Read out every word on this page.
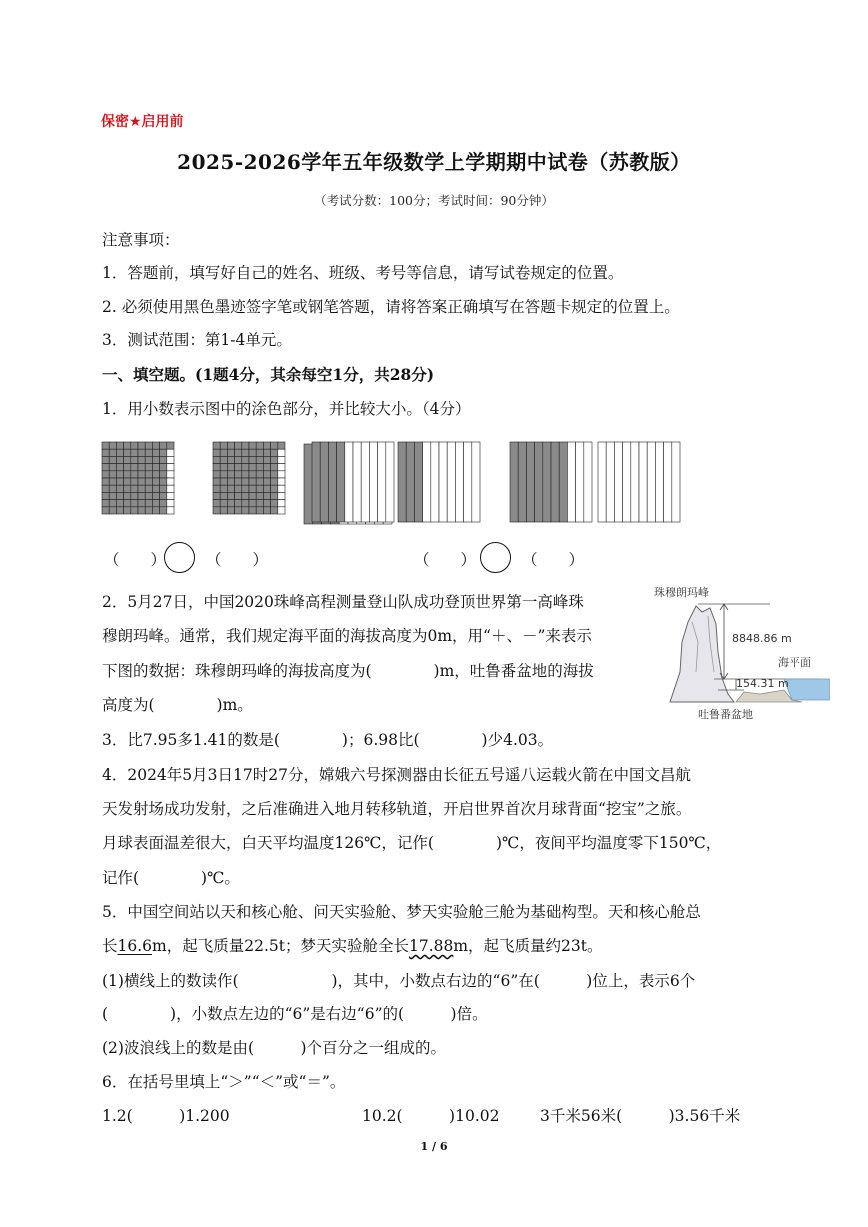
保密★启用前
2025-2026学年五年级数学上学期期中试卷（苏教版）
（考试分数：100分；考试时间：90分钟）
注意事项：
1．答题前，填写好自己的姓名、班级、考号等信息，请写试卷规定的位置。
2. 必须使用黑色墨迹签字笔或钢笔答题，请将答案正确填写在答题卡规定的位置上。
3．测试范围：第1-4单元。
一、填空题。(1题4分，其余每空1分，共28分)
1．用小数表示图中的涂色部分，并比较大小。（4分）
（　　）	（　　）	（　　）	（　　）
2．5月27日，中国2020珠峰高程测量登山队成功登顶世界第一高峰珠
穆朗玛峰。通常，我们规定海平面的海拔高度为0m，用“＋、－”来表示
下图的数据：珠穆朗玛峰的海拔高度为(　　　　)m，吐鲁番盆地的海拔
高度为(　　　　)m。
珠穆朗玛峰
8848.86 m
海平面
154.31 m
吐鲁番盆地
3．比7.95多1.41的数是(　　　　)；6.98比(　　　　)少4.03。
4．2024年5月3日17时27分，嫦娥六号探测器由长征五号遥八运载火箭在中国文昌航
天发射场成功发射，之后准确进入地月转移轨道，开启世界首次月球背面“挖宝”之旅。
月球表面温差很大，白天平均温度126℃，记作(　　　　)℃，夜间平均温度零下150℃，
记作(　　　　)℃。
5．中国空间站以天和核心舱、问天实验舱、梦天实验舱三舱为基础构型。天和核心舱总
长16.6m，起飞质量22.5t；梦天实验舱全长17.88m，起飞质量约23t。
(1)横线上的数读作(　　　　　　)，其中，小数点右边的“6”在(　　　)位上，表示6个
(　　　　)，小数点左边的“6”是右边“6”的(　　　)倍。
(2)波浪线上的数是由(　　　)个百分之一组成的。
6．在括号里填上“＞”“＜”或“＝”。
1.2(　　　)1.200	10.2(　　　)10.02	3千米56米(　　　)3.56千米
1 / 6
